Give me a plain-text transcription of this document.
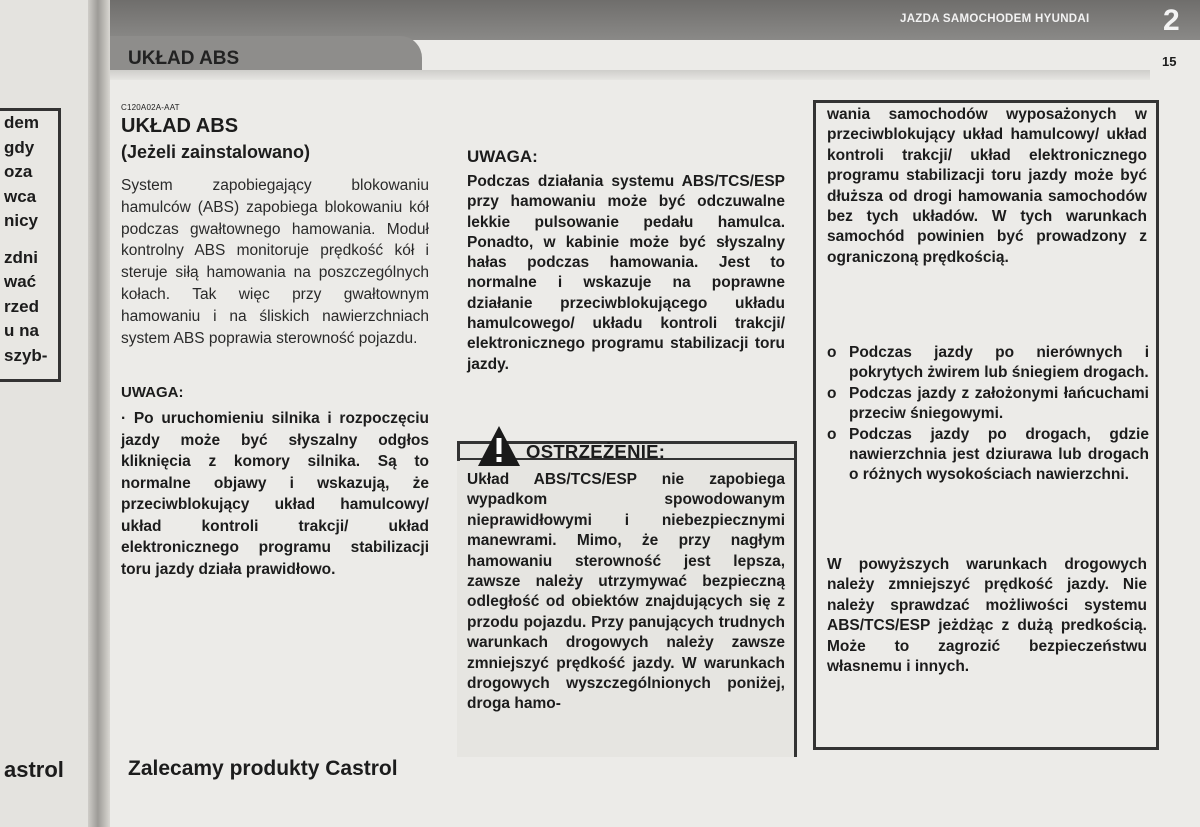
dem
gdy
oza
wca
nicy
zdni
wać
rzed
u na
szyb-
astrol
JAZDA SAMOCHODEM HYUNDAI 2
UKŁAD ABS	15
C120A02A-AAT
UKŁAD ABS
(Jeżeli zainstalowano)

System zapobiegający blokowaniu hamulców (ABS) zapobiega blokowaniu kół podczas gwałtownego hamowania. Moduł kontrolny ABS monitoruje prędkość kół i steruje siłą hamowania na poszczególnych kołach. Tak więc przy gwałtownym hamowaniu i na śliskich nawierzchniach system ABS poprawia sterowność pojazdu.

UWAGA:

· Po uruchomieniu silnika i rozpoczęciu jazdy może być słyszalny odgłos kliknięcia z komory silnika. Są to normalne objawy i wskazują, że przeciwblokujący układ hamulcowy/ układ kontroli trakcji/ układ elektronicznego programu stabilizacji toru jazdy działa prawidłowo.

Zalecamy produkty Castrol
UWAGA:

Podczas działania systemu ABS/TCS/ESP przy hamowaniu może być odczuwalne lekkie pulsowanie pedału hamulca. Ponadto, w kabinie może być słyszalny hałas podczas hamowania. Jest to normalne i wskazuje na poprawne działanie przeciwblokującego układu hamulcowego/ układu kontroli trakcji/ elektronicznego programu stabilizacji toru jazdy.

OSTRZEŻENIE:

Układ ABS/TCS/ESP nie zapobiega wypadkom spowodowanym nieprawidłowymi i niebezpiecznymi manewrami. Mimo, że przy nagłym hamowaniu sterowność jest lepsza, zawsze należy utrzymywać bezpieczną odległość od obiektów znajdujących się z przodu pojazdu. Przy panujących trudnych warunkach drogowych należy zawsze zmniejszyć prędkość jazdy. W warunkach drogowych wyszczególnionych poniżej, droga hamo-

wania samochodów wyposażonych w przeciwblokujący układ hamulcowy/ układ kontroli trakcji/ układ elektronicznego programu stabilizacji toru jazdy może być dłuższa od drogi hamowania samochodów bez tych układów. W tych warunkach samochód powinien być prowadzony z ograniczoną prędkością.

o Podczas jazdy po nierównych i pokrytych żwirem lub śniegiem drogach.
o Podczas jazdy z założonymi łańcuchami przeciw śniegowymi.
o Podczas jazdy po drogach, gdzie nawierzchnia jest dziurawa lub drogach o różnych wysokościach nawierzchni.

W powyższych warunkach drogowych należy zmniejszyć prędkość jazdy. Nie należy sprawdzać możliwości systemu ABS/TCS/ESP jeżdżąc z dużą predkością. Może to zagrozić bezpieczeństwu własnemu i innych.
